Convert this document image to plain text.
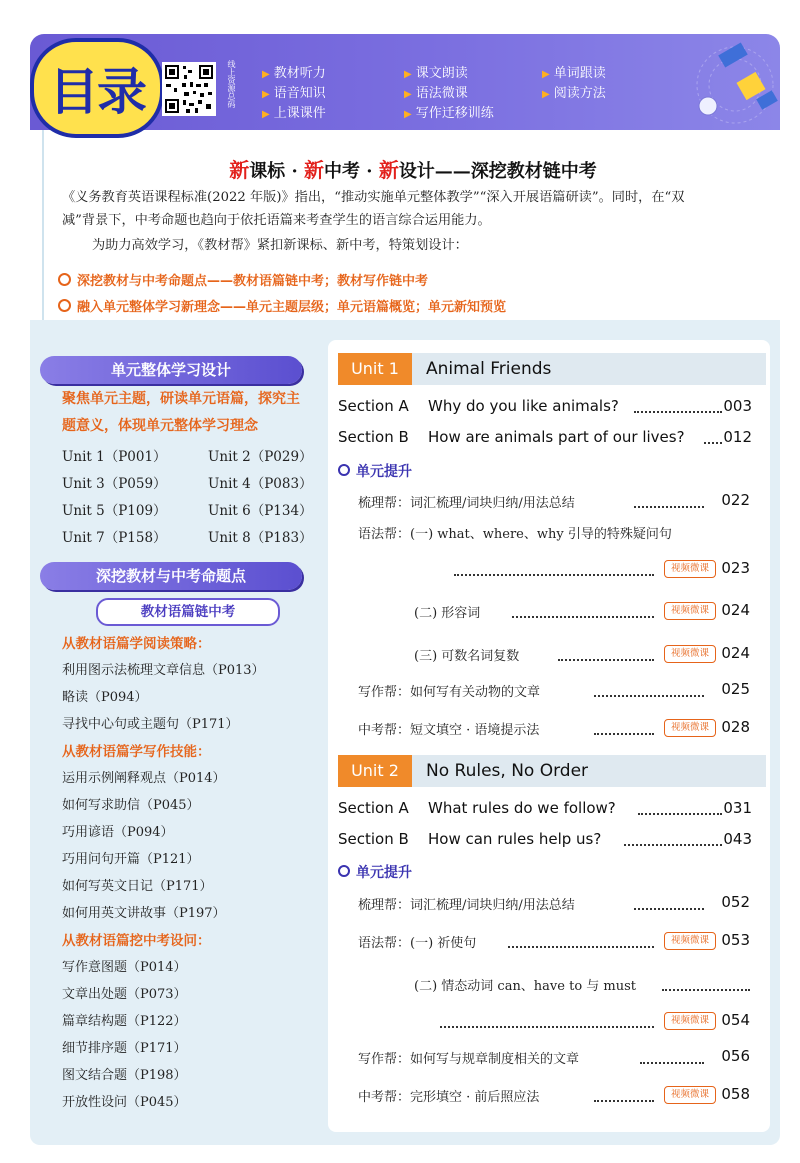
目录	线上资源总码	▶ 教材听力	▶ 课文朗读	▶ 单词跟读
▶ 语音知识	▶ 语法微课	▶ 阅读方法
▶ 上课课件	▶ 写作迁移训练
新课标 · 新中考 · 新设计——深挖教材链中考
《义务教育英语课程标准(2022 年版)》指出，“推动实施单元整体教学”“深入开展语篇研读”。同时，在“双
减”背景下，中考命题也趋向于依托语篇来考查学生的语言综合运用能力。
为助力高效学习，《教材帮》紧扣新课标、新中考，特策划设计：
深挖教材与中考命题点——教材语篇链中考；教材写作链中考
融入单元整体学习新理念——单元主题层级；单元语篇概览；单元新知预览
单元整体学习设计
聚焦单元主题，研读单元语篇，探究主
题意义，体现单元整体学习理念
Unit 1（P001）	Unit 2（P029）
Unit 3（P059）	Unit 4（P083）
Unit 5（P109）	Unit 6（P134）
Unit 7（P158）	Unit 8（P183）
深挖教材与中考命题点
教材语篇链中考
从教材语篇学阅读策略：
利用图示法梳理文章信息（P013）
略读（P094）
寻找中心句或主题句（P171）
从教材语篇学写作技能：
运用示例阐释观点（P014）
如何写求助信（P045）
巧用谚语（P094）
巧用问句开篇（P121）
如何写英文日记（P171）
如何用英文讲故事（P197）
从教材语篇挖中考设问：
写作意图题（P014）
文章出处题（P073）
篇章结构题（P122）
细节排序题（P171）
图文结合题（P198）
开放性设问（P045）
Unit 1	Animal Friends
Section A Why do you like animals?	003
Section B How are animals part of our lives?	012
单元提升
梳理帮：词汇梳理/词块归纳/用法总结	022
语法帮：(一) what、where、why 引导的特殊疑问句
视频微课 023
(二) 形容词	视频微课 024
(三) 可数名词复数	视频微课 024
写作帮：如何写有关动物的文章	025
中考帮：短文填空 · 语境提示法	视频微课 028
Unit 2	No Rules, No Order
Section A What rules do we follow?	031
Section B How can rules help us?	043
单元提升
梳理帮：词汇梳理/词块归纳/用法总结	052
语法帮：(一) 祈使句	视频微课 053
(二) 情态动词 can、have to 与 must
视频微课 054
写作帮：如何写与规章制度相关的文章	056
中考帮：完形填空 · 前后照应法	视频微课 058
